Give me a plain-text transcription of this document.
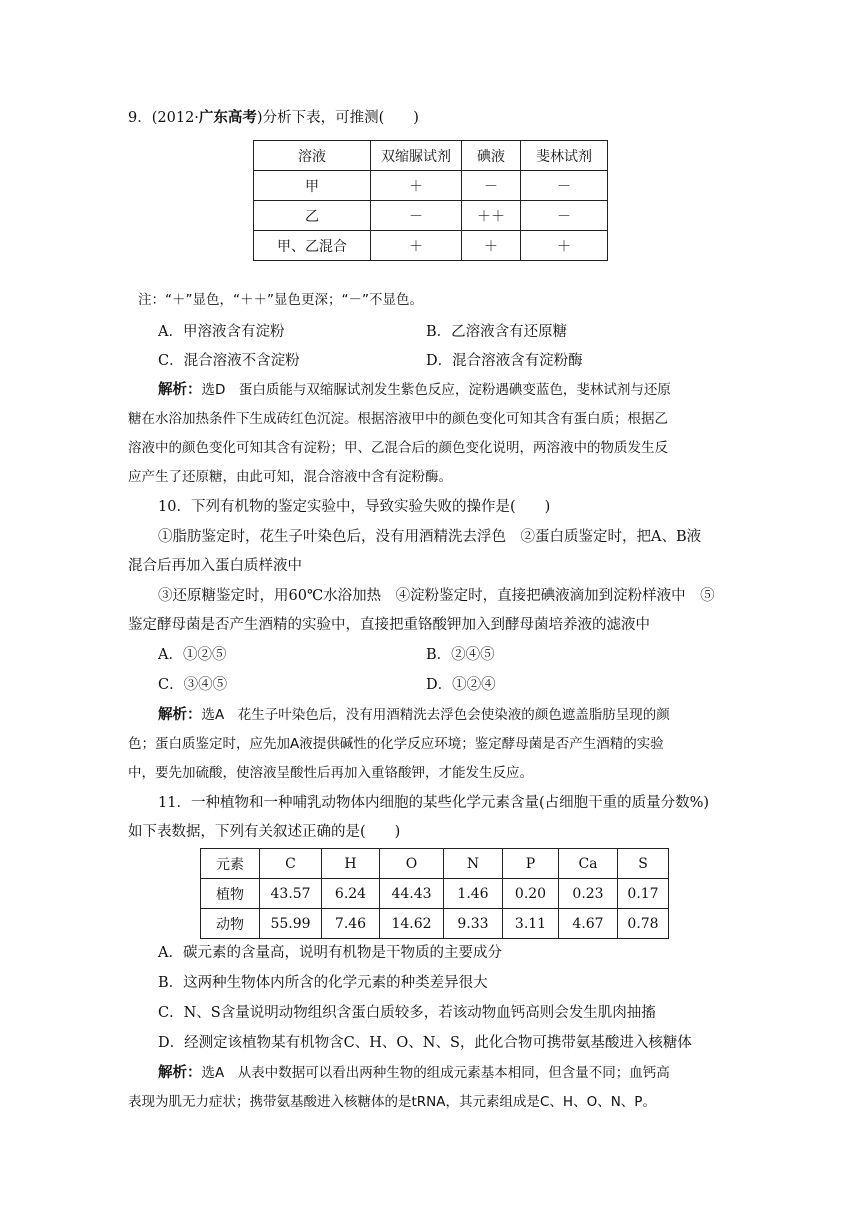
9．(2012·广东高考)分析下表，可推测(　　)
溶液	双缩脲试剂	碘液	斐林试剂
甲	＋	－	－
乙	－	＋＋	－
甲、乙混合	＋	＋	＋
注：“＋”显色，“＋＋”显色更深；“－”不显色。
A．甲溶液含有淀粉	B．乙溶液含有还原糖
C．混合溶液不含淀粉	D．混合溶液含有淀粉酶
解析：选D　蛋白质能与双缩脲试剂发生紫色反应，淀粉遇碘变蓝色，斐林试剂与还原
糖在水浴加热条件下生成砖红色沉淀。根据溶液甲中的颜色变化可知其含有蛋白质；根据乙
溶液中的颜色变化可知其含有淀粉；甲、乙混合后的颜色变化说明，两溶液中的物质发生反
应产生了还原糖，由此可知，混合溶液中含有淀粉酶。
10．下列有机物的鉴定实验中，导致实验失败的操作是(　　)
①脂肪鉴定时，花生子叶染色后，没有用酒精洗去浮色　②蛋白质鉴定时，把A、B液
混合后再加入蛋白质样液中
③还原糖鉴定时，用60℃水浴加热　④淀粉鉴定时，直接把碘液滴加到淀粉样液中　⑤
鉴定酵母菌是否产生酒精的实验中，直接把重铬酸钾加入到酵母菌培养液的滤液中
A．①②⑤	B．②④⑤
C．③④⑤	D．①②④
解析：选A　花生子叶染色后，没有用酒精洗去浮色会使染液的颜色遮盖脂肪呈现的颜
色；蛋白质鉴定时，应先加A液提供碱性的化学反应环境；鉴定酵母菌是否产生酒精的实验
中，要先加硫酸，使溶液呈酸性后再加入重铬酸钾，才能发生反应。
11．一种植物和一种哺乳动物体内细胞的某些化学元素含量(占细胞干重的质量分数%)
如下表数据，下列有关叙述正确的是(　　)
元素	C	H	O	N	P	Ca	S
植物	43.57	6.24	44.43	1.46	0.20	0.23	0.17
动物	55.99	7.46	14.62	9.33	3.11	4.67	0.78
A．碳元素的含量高，说明有机物是干物质的主要成分
B．这两种生物体内所含的化学元素的种类差异很大
C．N、S含量说明动物组织含蛋白质较多，若该动物血钙高则会发生肌肉抽搐
D．经测定该植物某有机物含C、H、O、N、S，此化合物可携带氨基酸进入核糖体
解析：选A　从表中数据可以看出两种生物的组成元素基本相同，但含量不同；血钙高
表现为肌无力症状；携带氨基酸进入核糖体的是tRNA，其元素组成是C、H、O、N、P。
